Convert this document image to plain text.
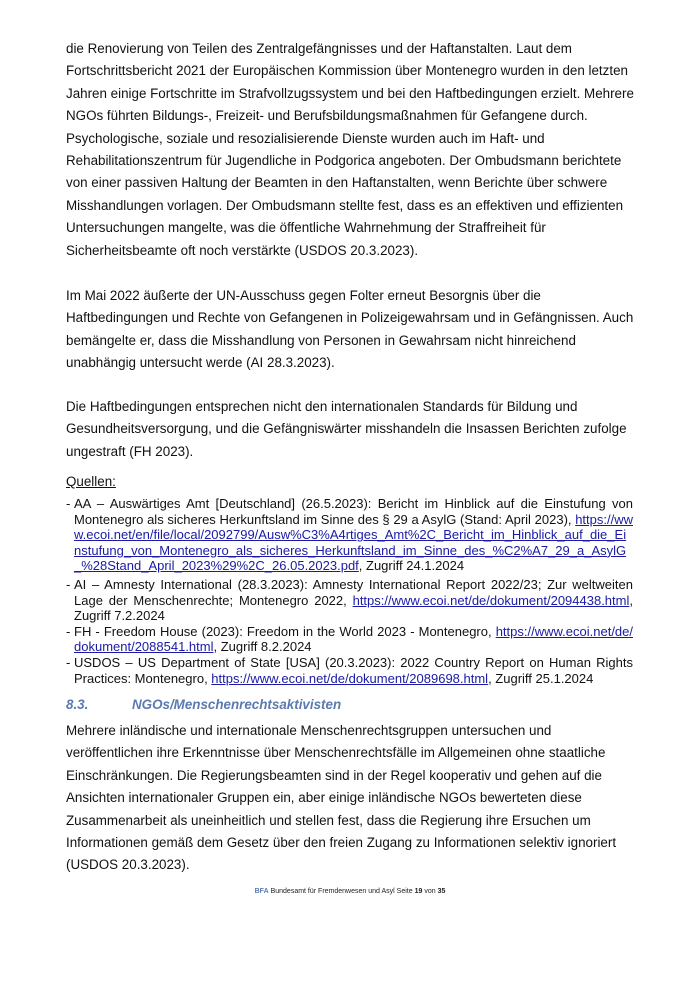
die Renovierung von Teilen des Zentralgefängnisses und der Haftanstalten. Laut dem Fortschrittsbericht 2021 der Europäischen Kommission über Montenegro wurden in den letzten Jahren einige Fortschritte im Strafvollzugssystem und bei den Haftbedingungen erzielt. Mehrere NGOs führten Bildungs-, Freizeit- und Berufsbildungsmaßnahmen für Gefangene durch. Psychologische, soziale und resozialisierende Dienste wurden auch im Haft- und Rehabilitationszentrum für Jugendliche in Podgorica angeboten. Der Ombudsmann berichtete von einer passiven Haltung der Beamten in den Haftanstalten, wenn Berichte über schwere Misshandlungen vorlagen. Der Ombudsmann stellte fest, dass es an effektiven und effizienten Untersuchungen mangelte, was die öffentliche Wahrnehmung der Straffreiheit für Sicherheitsbeamte oft noch verstärkte (USDOS 20.3.2023).

Im Mai 2022 äußerte der UN-Ausschuss gegen Folter erneut Besorgnis über die Haftbedingungen und Rechte von Gefangenen in Polizeigewahrsam und in Gefängnissen. Auch bemängelte er, dass die Misshandlung von Personen in Gewahrsam nicht hinreichend unabhängig untersucht werde (AI 28.3.2023).

Die Haftbedingungen entsprechen nicht den internationalen Standards für Bildung und Gesundheitsversorgung, und die Gefängniswärter misshandeln die Insassen Berichten zufolge ungestraft (FH 2023).

Quellen:
- AA – Auswärtiges Amt [Deutschland] (26.5.2023): Bericht im Hinblick auf die Einstufung von Montenegro als sicheres Herkunftsland im Sinne des § 29 a AsylG (Stand: April 2023), https://www.ecoi.net/en/file/local/2092799/Ausw%C3%A4rtiges_Amt%2C_Bericht_im_Hinblick_auf_die_Einstufung_von_Montenegro_als_sicheres_Herkunftsland_im_Sinne_des_%C2%A7_29_a_AsylG_%28Stand_April_2023%29%2C_26.05.2023.pdf, Zugriff 24.1.2024
- AI – Amnesty International (28.3.2023): Amnesty International Report 2022/23; Zur weltweiten Lage der Menschenrechte; Montenegro 2022, https://www.ecoi.net/de/dokument/2094438.html, Zugriff 7.2.2024
- FH - Freedom House (2023): Freedom in the World 2023 - Montenegro, https://www.ecoi.net/de/dokument/2088541.html, Zugriff 8.2.2024
- USDOS – US Department of State [USA] (20.3.2023): 2022 Country Report on Human Rights Practices: Montenegro, https://www.ecoi.net/de/dokument/2089698.html, Zugriff 25.1.2024
8.3.	NGOs/Menschenrechtsaktivisten

Mehrere inländische und internationale Menschenrechtsgruppen untersuchen und veröffentlichen ihre Erkenntnisse über Menschenrechtsfälle im Allgemeinen ohne staatliche Einschränkungen. Die Regierungsbeamten sind in der Regel kooperativ und gehen auf die Ansichten internationaler Gruppen ein, aber einige inländische NGOs bewerteten diese Zusammenarbeit als uneinheitlich und stellen fest, dass die Regierung ihre Ersuchen um Informationen gemäß dem Gesetz über den freien Zugang zu Informationen selektiv ignoriert (USDOS 20.3.2023).

BFA Bundesamt für Fremdenwesen und Asyl Seite 19 von 35
